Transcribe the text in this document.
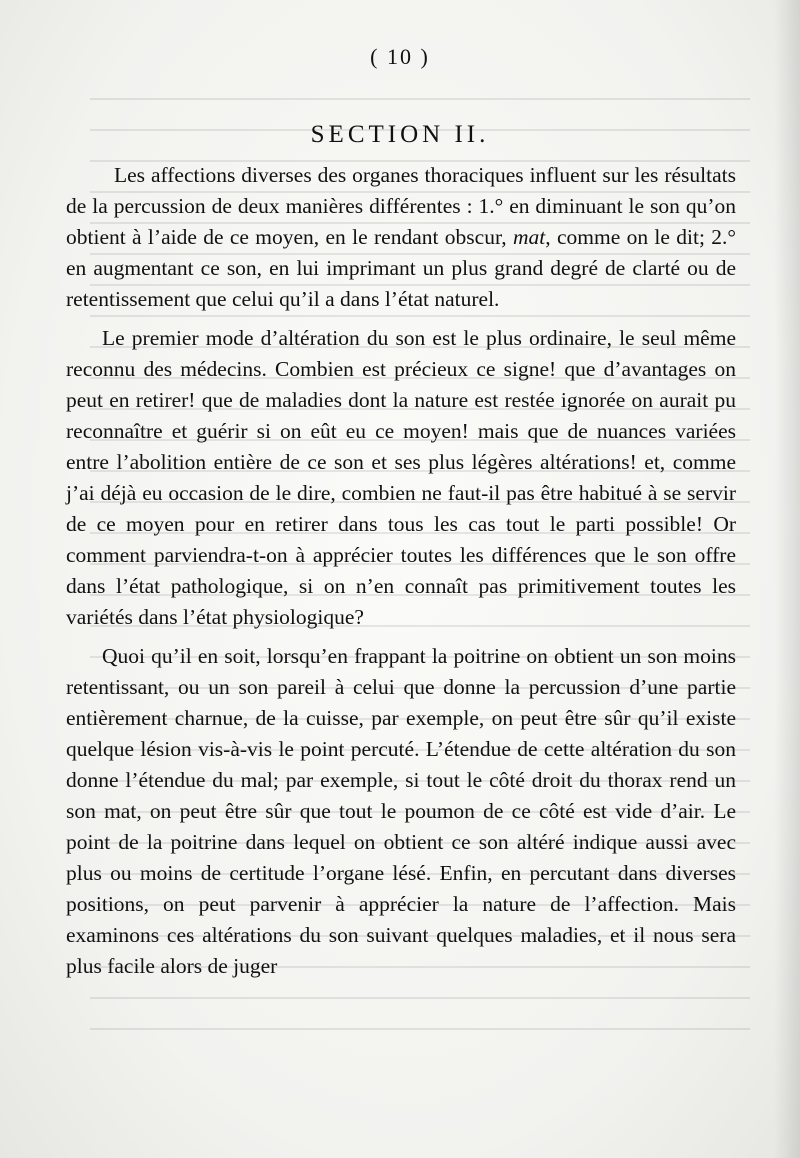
( 10 )
SECTION II.

Les affections diverses des organes thoraciques influent sur les résultats de la percussion de deux manières différentes : 1.° en diminuant le son qu’on obtient à l’aide de ce moyen, en le rendant obscur, mat, comme on le dit; 2.° en augmentant ce son, en lui imprimant un plus grand degré de clarté ou de retentissement que celui qu’il a dans l’état naturel.

Le premier mode d’altération du son est le plus ordinaire, le seul même reconnu des médecins. Combien est précieux ce signe! que d’avantages on peut en retirer! que de maladies dont la nature est restée ignorée on aurait pu reconnaître et guérir si on eût eu ce moyen! mais que de nuances variées entre l’abolition entière de ce son et ses plus légères altérations! et, comme j’ai déjà eu occasion de le dire, combien ne faut-il pas être habitué à se servir de ce moyen pour en retirer dans tous les cas tout le parti possible! Or comment parviendra-t-on à apprécier toutes les différences que le son offre dans l’état pathologique, si on n’en connaît pas primitivement toutes les variétés dans l’état physiologique?

Quoi qu’il en soit, lorsqu’en frappant la poitrine on obtient un son moins retentissant, ou un son pareil à celui que donne la percussion d’une partie entièrement charnue, de la cuisse, par exemple, on peut être sûr qu’il existe quelque lésion vis-à-vis le point percuté. L’étendue de cette altération du son donne l’étendue du mal; par exemple, si tout le côté droit du thorax rend un son mat, on peut être sûr que tout le poumon de ce côté est vide d’air. Le point de la poitrine dans lequel on obtient ce son altéré indique aussi avec plus ou moins de certitude l’organe lésé. Enfin, en percutant dans diverses positions, on peut parvenir à apprécier la nature de l’affection. Mais examinons ces altérations du son suivant quelques maladies, et il nous sera plus facile alors de juger
